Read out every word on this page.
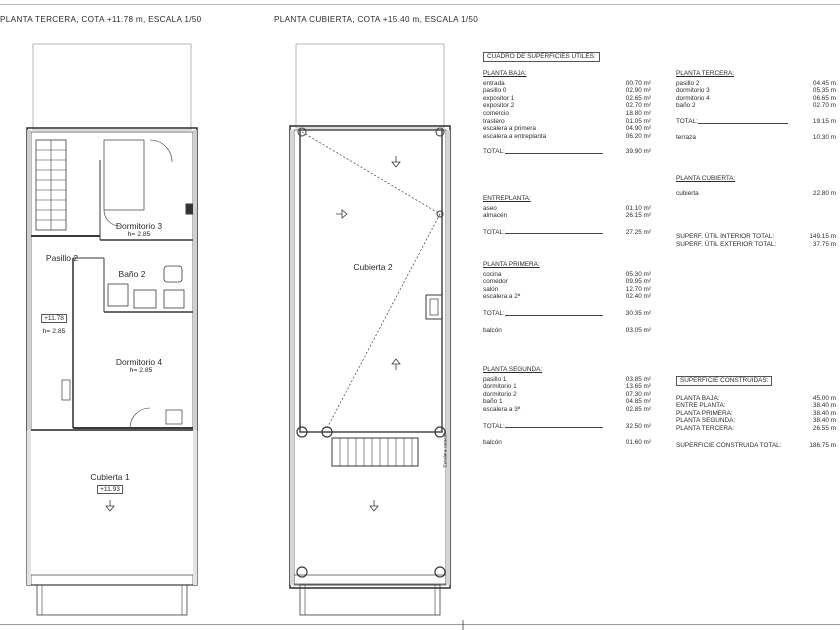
PLANTA TERCERA, COTA +11.78 m, ESCALA 1/50	PLANTA CUBIERTA, COTA +15.40 m, ESCALA 1/50
Dormitorio 3
h= 2.85
Pasillo 2
Baño 2
+11.78
h= 2.85
Dormitorio 4
h= 2.85
Cubierta 1
+11.93
Cubierta 2
Escalera caracol
CUADRO DE SUPERFICIES ÚTILES:
PLANTA BAJA:
entrada	00.70 m²
pasillo 0	02.90 m²
expositor 1	02.65 m²
expositor 2	02.70 m²
comercio	18.80 m²
trastero	01.05 m²
escalera a primera	04.90 m²
escalera a entreplanta	06.20 m²
TOTAL:	39.90 m²
ENTREPLANTA:
aseo	01.10 m²
almacén	26.15 m²
TOTAL:	27.25 m²
PLANTA PRIMERA:
cocina	05.30 m²
comedor	09.95 m²
salón	12.70 m²
escalera a 2ª	02.40 m²
TOTAL:	30.35 m²
balcón	03.05 m²
PLANTA SEGUNDA:
pasillo 1	03.85 m²
dormitorio 1	13.65 m²
dormitorio 2	07.30 m²
baño 1	04.85 m²
escalera a 3ª	02.85 m²
TOTAL:	32.50 m²
balcón	01.60 m²
PLANTA TERCERA:
pasillo 2	04.45 m
dormitorio 3	05.35 m
dormitorio 4	06.65 m
baño 2	02.70 m
TOTAL:	19.15 m
terraza	10.30 m
PLANTA CUBIERTA:
cubierta	22.80 m
SUPERF. ÚTIL INTERIOR TOTAL:	149.15 m
SUPERF. ÚTIL EXTERIOR TOTAL:	37.75 m
SUPERFICIE CONSTRUIDAS:
PLANTA BAJA:	45.00 m
ENTRE PLANTA:	38.40 m
PLANTA PRIMERA:	38.40 m
PLANTA SEGUNDA:	38.40 m
PLANTA TERCERA:	26.55 m
SUPERFICIE CONSTRUIDA TOTAL:	186.75 m
